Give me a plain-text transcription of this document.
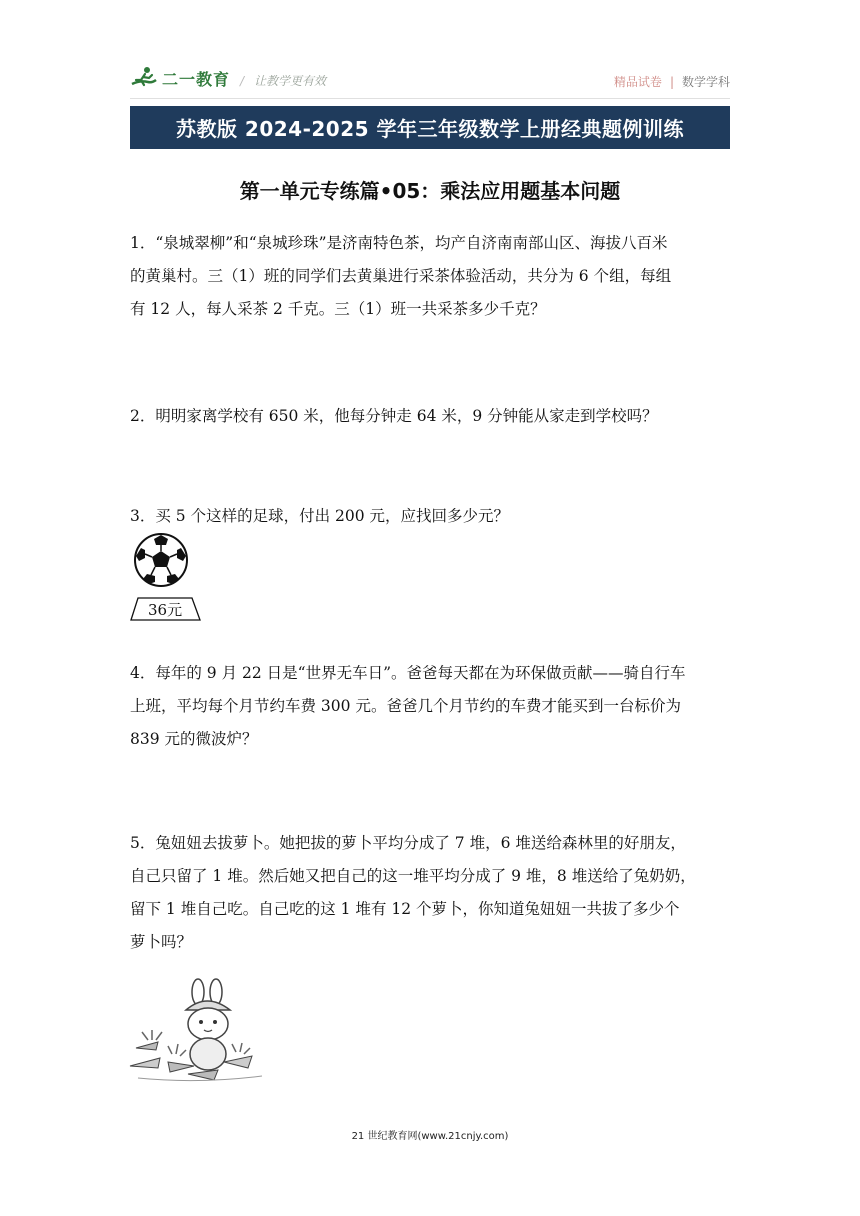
二一教育 / 让教学更有效	精品试卷 | 数学学科
苏教版 2024-2025 学年三年级数学上册经典题例训练
第一单元专练篇•05：乘法应用题基本问题
1．“泉城翠柳”和“泉城珍珠”是济南特色茶，均产自济南南部山区、海拔八百米
的黄巢村。三（1）班的同学们去黄巢进行采茶体验活动，共分为 6 个组，每组
有 12 人，每人采茶 2 千克。三（1）班一共采茶多少千克？
2．明明家离学校有 650 米，他每分钟走 64 米，9 分钟能从家走到学校吗？
3．买 5 个这样的足球，付出 200 元，应找回多少元？
36元
4．每年的 9 月 22 日是“世界无车日”。爸爸每天都在为环保做贡献——骑自行车
上班，平均每个月节约车费 300 元。爸爸几个月节约的车费才能买到一台标价为
839 元的微波炉？
5．兔妞妞去拔萝卜。她把拔的萝卜平均分成了 7 堆，6 堆送给森林里的好朋友，
自己只留了 1 堆。然后她又把自己的这一堆平均分成了 9 堆，8 堆送给了兔奶奶，
留下 1 堆自己吃。自己吃的这 1 堆有 12 个萝卜，你知道兔妞妞一共拔了多少个
萝卜吗？
21 世纪教育网(www.21cnjy.com)
